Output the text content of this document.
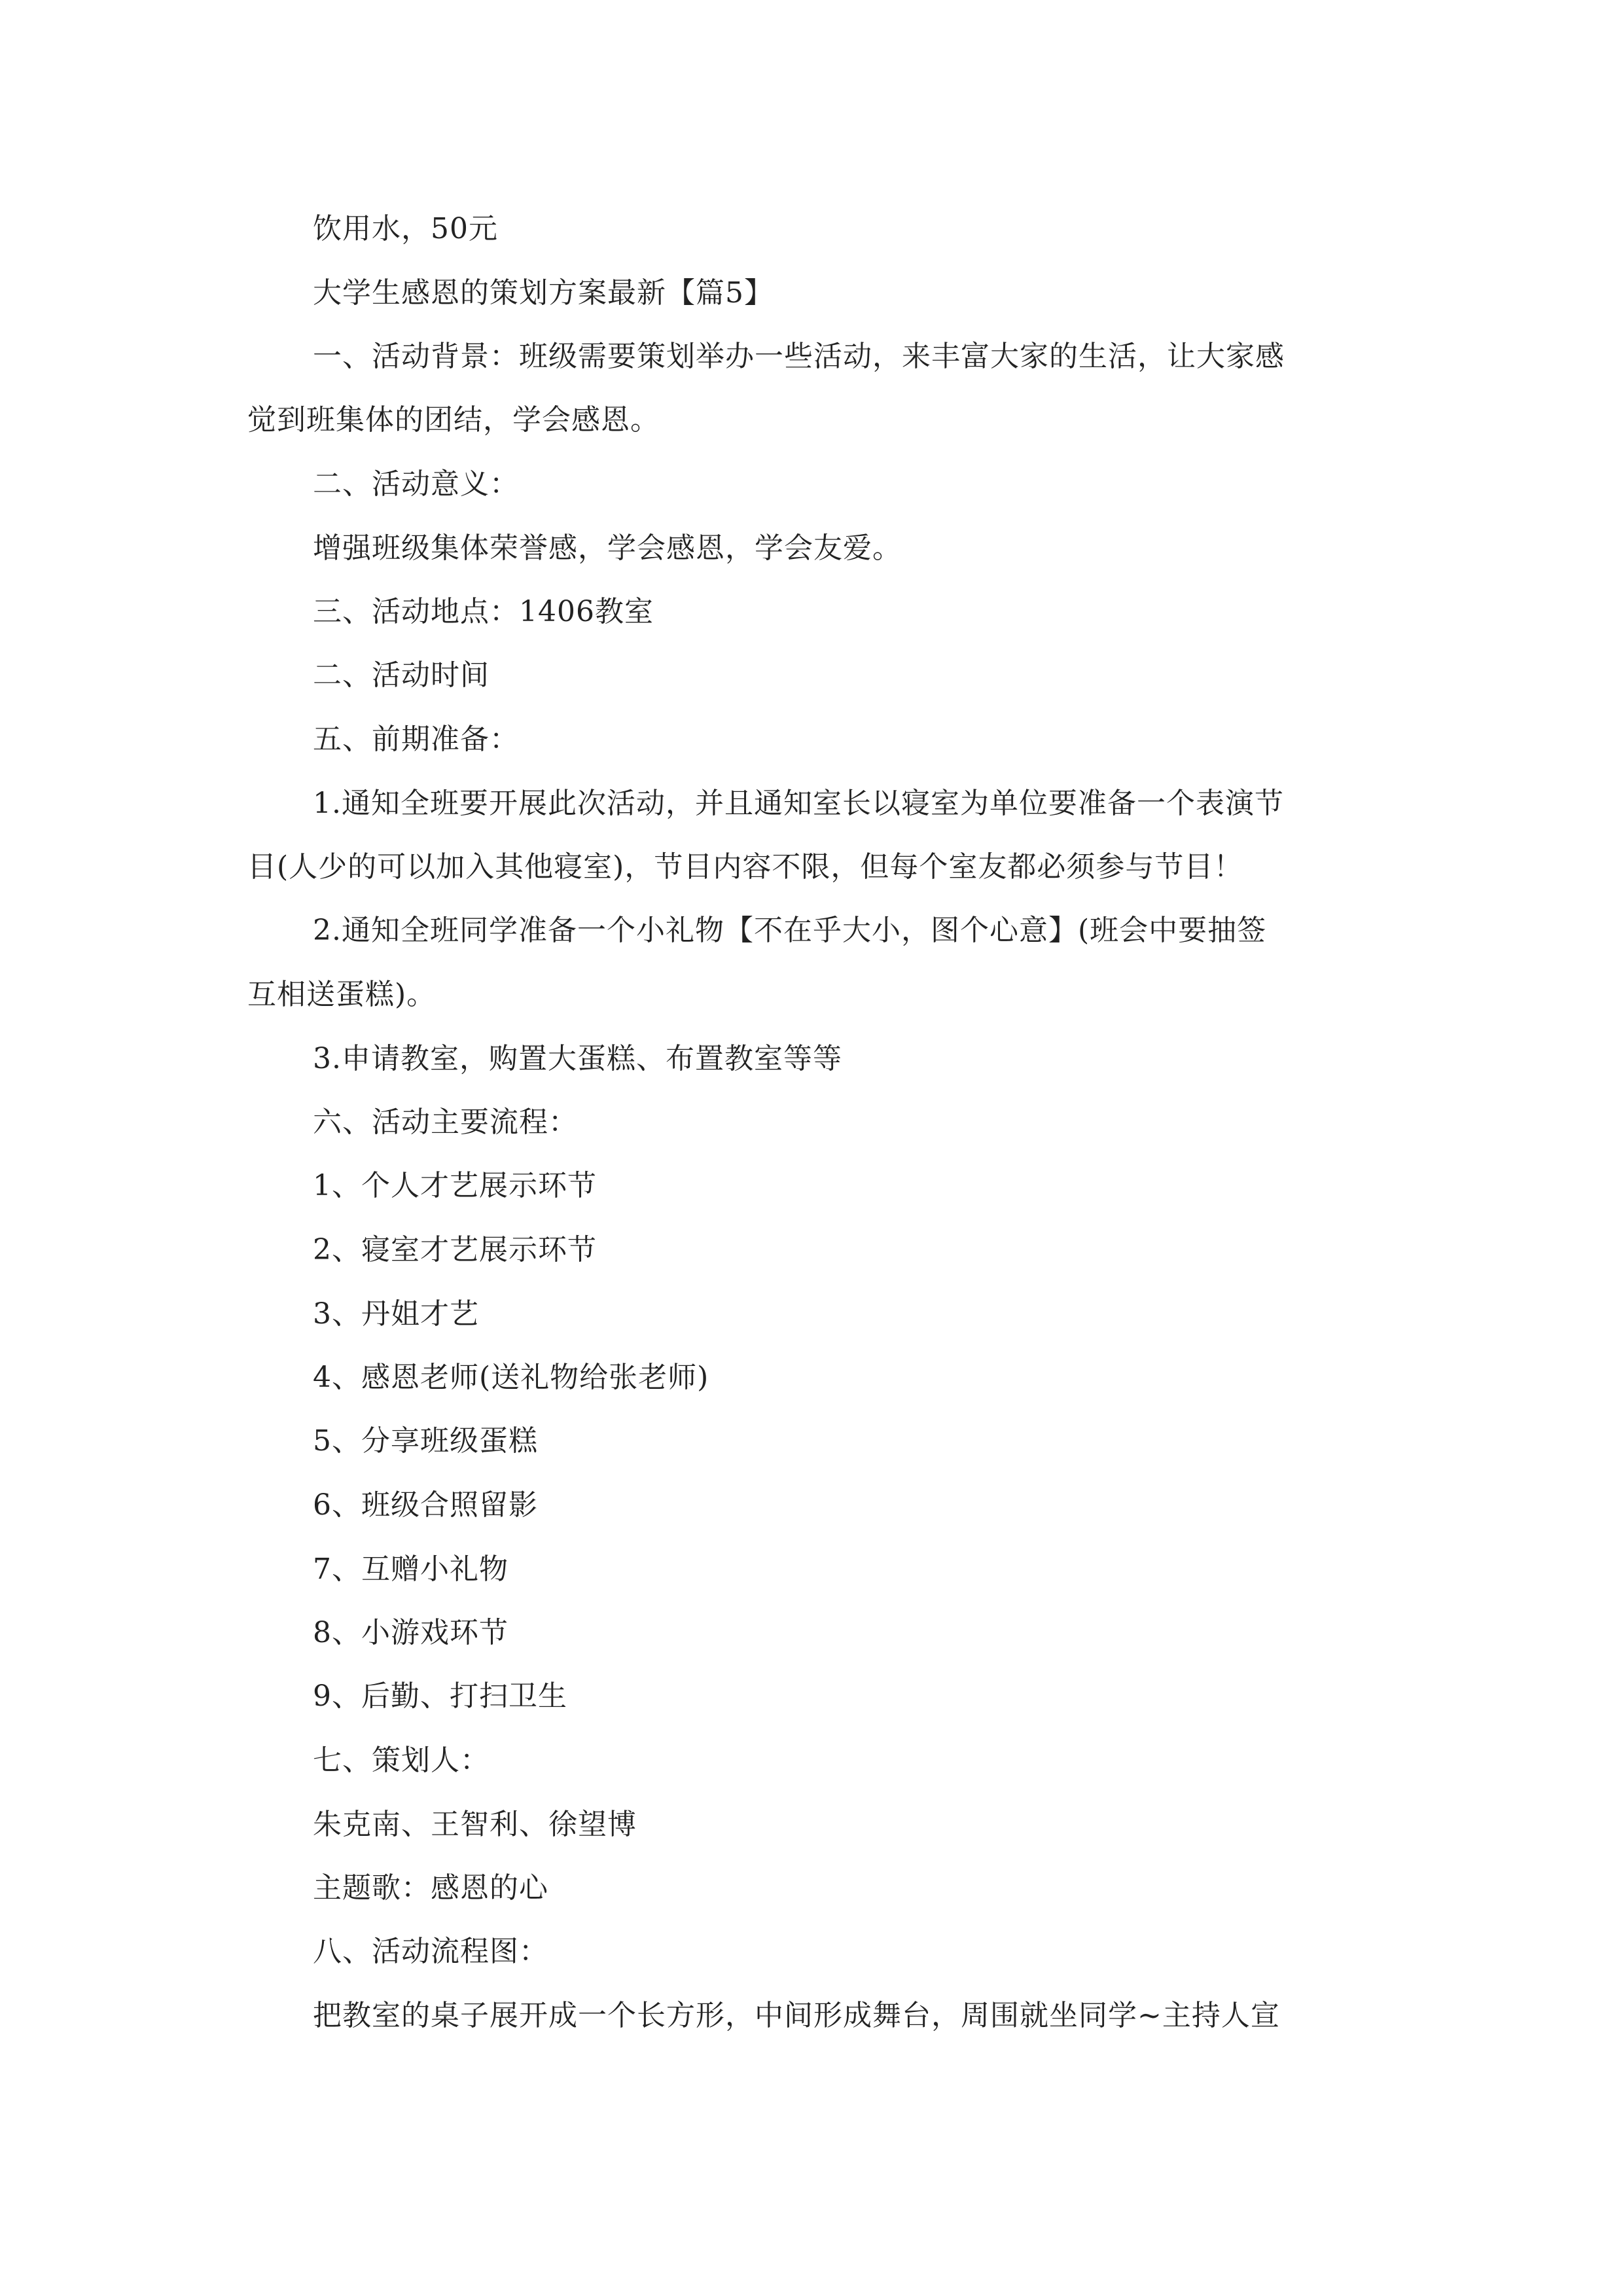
饮用水，50元

大学生感恩的策划方案最新【篇5】

一、活动背景：班级需要策划举办一些活动，来丰富大家的生活，让大家感

觉到班集体的团结，学会感恩。

二、活动意义：

增强班级集体荣誉感，学会感恩，学会友爱。

三、活动地点：1406教室

二、活动时间

五、前期准备：

1.通知全班要开展此次活动，并且通知室长以寝室为单位要准备一个表演节

目(人少的可以加入其他寝室)，节目内容不限，但每个室友都必须参与节目！

2.通知全班同学准备一个小礼物【不在乎大小，图个心意】(班会中要抽签

互相送蛋糕)。

3.申请教室，购置大蛋糕、布置教室等等

六、活动主要流程：

1、个人才艺展示环节

2、寝室才艺展示环节

3、丹姐才艺

4、感恩老师(送礼物给张老师)

5、分享班级蛋糕

6、班级合照留影

7、互赠小礼物

8、小游戏环节

9、后勤、打扫卫生

七、策划人：

朱克南、王智利、徐望博

主题歌：感恩的心

八、活动流程图：

把教室的桌子展开成一个长方形，中间形成舞台，周围就坐同学~主持人宣
